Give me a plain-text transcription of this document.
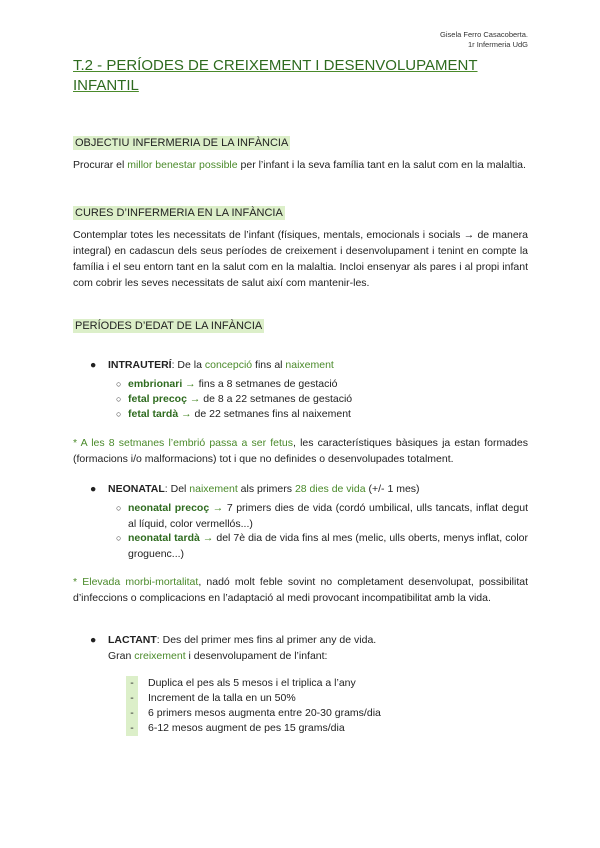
Gisela Ferro Casacoberta.
1r Infermeria UdG
T.2 - PERÍODES DE CREIXEMENT I DESENVOLUPAMENT INFANTIL
OBJECTIU INFERMERIA DE LA INFÀNCIA
Procurar el millor benestar possible per l’infant i la seva família tant en la salut com en la malaltia.
CURES D’INFERMERIA EN LA INFÀNCIA
Contemplar totes les necessitats de l’infant (físiques, mentals, emocionals i socials → de manera integral) en cadascun dels seus períodes de creixement i desenvolupament i tenint en compte la família i el seu entorn tant en la salut com en la malaltia. Incloi ensenyar als pares i al propi infant com cobrir les seves necessitats de salut així com mantenir-les.
PERÍODES D’EDAT DE LA INFÀNCIA
● INTRAUTERÍ: De la concepció fins al naixement
○ embrionari → fins a 8 setmanes de gestació
○ fetal precoç → de 8 a 22 setmanes de gestació
○ fetal tardà → de 22 setmanes fins al naixement
* A les 8 setmanes l’embrió passa a ser fetus, les característiques bàsiques ja estan formades (formacions i/o malformacions) tot i que no definides o desenvolupades totalment.
● NEONATAL: Del naixement als primers 28 dies de vida (+/- 1 mes)
○ neonatal precoç → 7 primers dies de vida (cordó umbilical, ulls tancats, inflat degut al líquid, color vermellós...)
○ neonatal tardà → del 7è dia de vida fins al mes (melic, ulls oberts, menys inflat, color groguenc...)
* Elevada morbi-mortalitat, nadó molt feble sovint no completament desenvolupat, possibilitat d’infeccions o complicacions en l’adaptació al medi provocant incompatibilitat amb la vida.
● LACTANT: Des del primer mes fins al primer any de vida.
Gran creixement i desenvolupament de l’infant:
- Duplica el pes als 5 mesos i el triplica a l’any
- Increment de la talla en un 50%
- 6 primers mesos augmenta entre 20-30 grams/dia
- 6-12 mesos augment de pes 15 grams/dia
